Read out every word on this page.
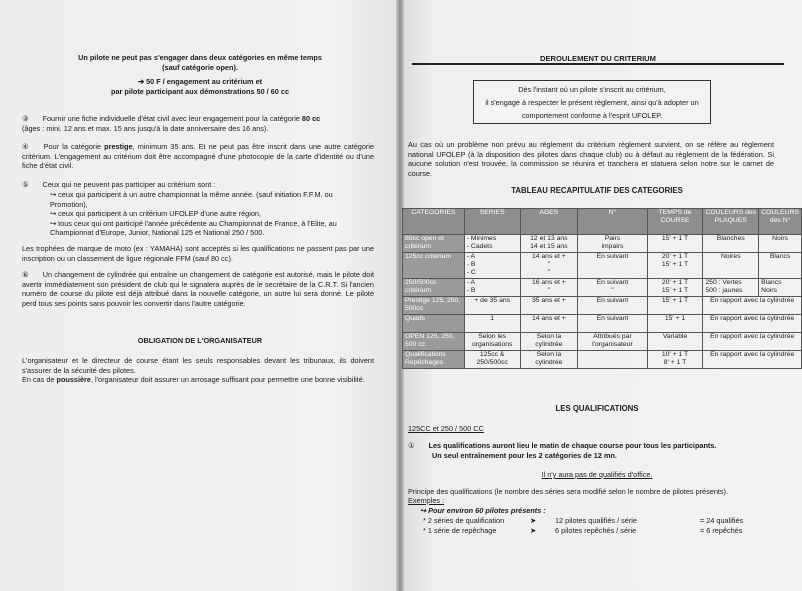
Un pilote ne peut pas s'engager dans deux catégories en même temps
(sauf catégorie open).

➔ 50 F / engagement au critérium et
par pilote participant aux démonstrations 50 / 60 cc

③ Fournir une fiche individuelle d'état civil avec leur engagement pour la catégorie 80 cc
(âges : mini. 12 ans et max. 15 ans jusqu'à la date anniversaire des 16 ans).

④ Pour la catégorie prestige, minimum 35 ans. Et ne peut pas être inscrit dans une autre catégorie critérium. L'engagement au critérium doit être accompagné d'une photocopie de la carte d'identité ou d'une fiche d'état civil.

⑤ Ceux qui ne peuvent pas participer au critérium sont :

↪ ceux qui participent à un autre championnat la même année. (sauf initiation F.F.M. ou Promotion),
↪ ceux qui participent à un critérium UFOLEP d'une autre région,
↪ tous ceux qui ont participé l'année précédente au Championnat de France, à l'Elite, au Championnat d'Europe, Junior, National 125 et National 250 / 500.

Les trophées de marque de moto (ex : YAMAHA) sont acceptés si les qualifications ne passent pas par une inscription ou un classement de ligue régionale FFM (sauf 80 cc).

⑥ Un changement de cylindrée qui entraîne un changement de catégorie est autorisé, mais le pilote doit avertir immédiatement son président de club qui le signalera auprès de le secrétaire de la C.R.T. Si l'ancien numéro de course du pilote est déjà attribué dans la nouvelle catégorie, un autre lui sera donné. Le pilote perd tous ses points sans pouvoir les convertir dans l'autre catégorie.

OBLIGATION DE L'ORGANISATEUR

L'organisateur et le directeur de course étant les seuls responsables devant les tribunaux, ils doivent s'assurer de la sécurité des pilotes.
En cas de poussière, l'organisateur doit assurer un arrosage suffisant pour permettre une bonne visibilité.

DEROULEMENT DU CRITERIUM

Dès l'instant où un pilote s'inscrit au critérium,
il s'engage à respecter le présent règlement, ainsi qu'à adopter un
comportement conforme à l'esprit UFOLEP.

Au cas où un problème non prévu au règlement du critérium règlement survient, on se réfère au règlement national UFOLEP (à la disposition des pilotes dans chaque club) ou à défaut au règlement de la fédération. Si aucune solution n'est trouvée, la commission se réunira et tranchera et statuera selon notre sur le carnet de course.

TABLEAU RECAPITULATIF DES CATEGORIES

CATEGORIES	SERIES	AGES	N°	TEMPS de COURSE	COULEURS des PLAQUES	COULEURS des N°
80cc open et critérium	- Minimes
- Cadets	12 et 13 ans
14 et 15 ans	Pairs
impairs	15' + 1 T	Blanches	Noirs
125cc critérium	- A
- B
- C	14 ans et +
"
"	En suivant	20' + 1 T
15' + 1 T	Noires	Blancs
250/500cc critérium	- A
- B	16 ans et +
"	En suivant
"	20' + 1 T
15' + 1 T	250 : Vertes
500 : jaunes	Blancs
Noirs
Prestige 125, 250, 500cc	+ de 35 ans	35 ans et +	En suivant	15' + 1 T	En rapport avec la cylindrée	
Quads	1	14 ans et +	En suivant	15' + 1	En rapport avec la cylindrée	
OPEN 125, 250, 500 cc	Selon les organisations	Selon la cylindrée	Attribués par l'organisateur	Variable	En rapport avec la cylindrée	
Qualifications Repêchages	125cc & 250/500cc	Selon la cylindrée		10' + 1 T
8' + 1 T	En rapport avec la cylindrée	

LES QUALIFICATIONS

125CC et 250 / 500 CC

① Les qualifications auront lieu le matin de chaque course pour tous les participants.
Un seul entraînement pour les 2 catégories de 12 mn.

Il n'y aura pas de qualifiés d'office.

Principe des qualifications (le nombre des séries sera modifié selon le nombre de pilotes présents).

Exemples :

↪ Pour environ 60 pilotes présents :

* 2 séries de qualification	➤	12 pilotes qualifiés / série	= 24 qualifiés

* 1 série de repêchage	➤	6 pilotes repêchés / série	= 6 repêchés
